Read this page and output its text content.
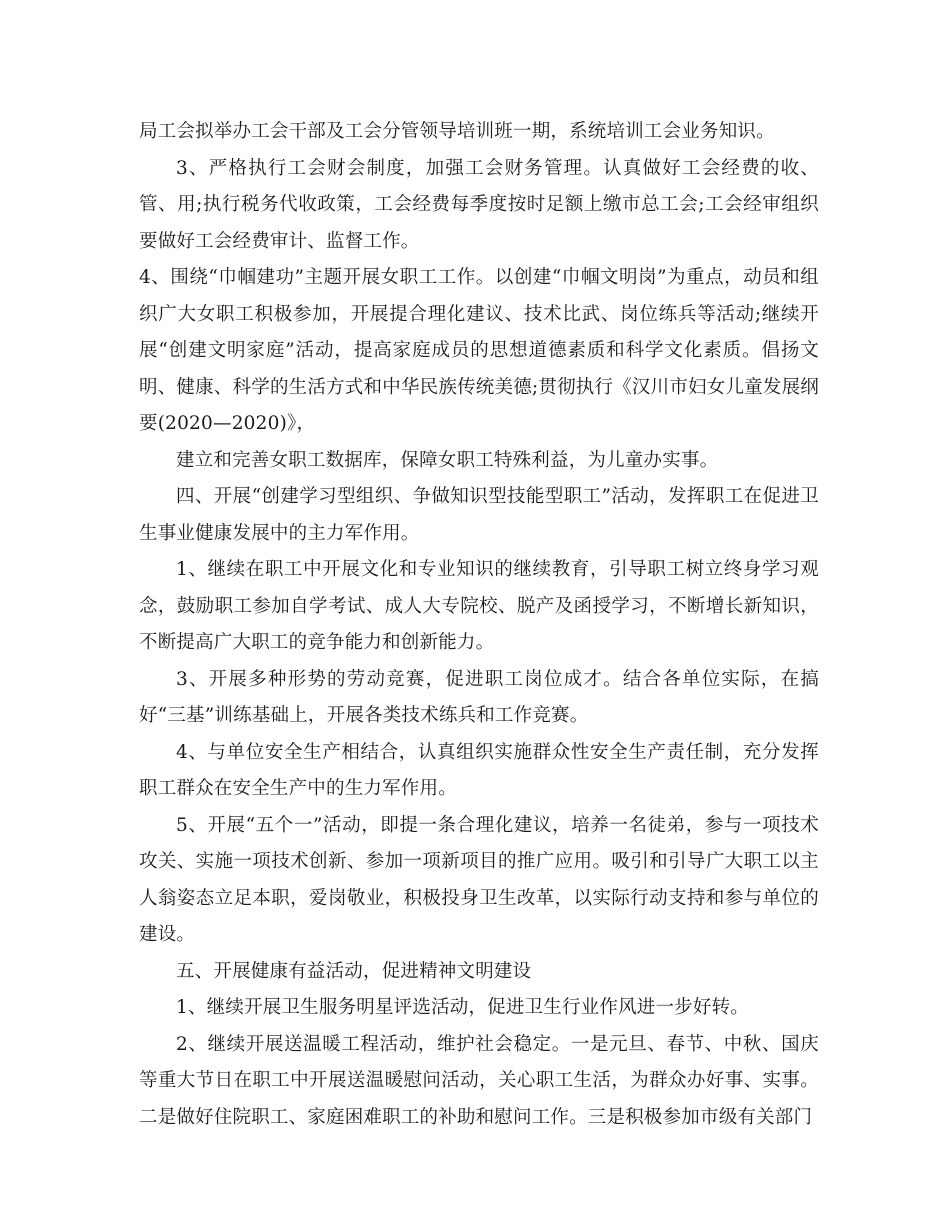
局工会拟举办工会干部及工会分管领导培训班一期，系统培训工会业务知识。

3、严格执行工会财会制度，加强工会财务管理。认真做好工会经费的收、管、用;执行税务代收政策，工会经费每季度按时足额上缴市总工会;工会经审组织要做好工会经费审计、监督工作。

4、围绕“巾帼建功”主题开展女职工工作。以创建“巾帼文明岗”为重点，动员和组织广大女职工积极参加，开展提合理化建议、技术比武、岗位练兵等活动;继续开展“创建文明家庭”活动，提高家庭成员的思想道德素质和科学文化素质。倡扬文明、健康、科学的生活方式和中华民族传统美德;贯彻执行《汉川市妇女儿童发展纲要(2020—2020)》，

建立和完善女职工数据库，保障女职工特殊利益，为儿童办实事。

四、开展“创建学习型组织、争做知识型技能型职工”活动，发挥职工在促进卫生事业健康发展中的主力军作用。

1、继续在职工中开展文化和专业知识的继续教育，引导职工树立终身学习观念，鼓励职工参加自学考试、成人大专院校、脱产及函授学习，不断增长新知识，不断提高广大职工的竞争能力和创新能力。

3、开展多种形势的劳动竞赛，促进职工岗位成才。结合各单位实际，在搞好“三基”训练基础上，开展各类技术练兵和工作竞赛。

4、与单位安全生产相结合，认真组织实施群众性安全生产责任制，充分发挥职工群众在安全生产中的生力军作用。

5、开展“五个一”活动，即提一条合理化建议，培养一名徒弟，参与一项技术攻关、实施一项技术创新、参加一项新项目的推广应用。吸引和引导广大职工以主人翁姿态立足本职，爱岗敬业，积极投身卫生改革，以实际行动支持和参与单位的建设。

五、开展健康有益活动，促进精神文明建设

1、继续开展卫生服务明星评选活动，促进卫生行业作风进一步好转。

2、继续开展送温暖工程活动，维护社会稳定。一是元旦、春节、中秋、国庆等重大节日在职工中开展送温暖慰问活动，关心职工生活，为群众办好事、实事。二是做好住院职工、家庭困难职工的补助和慰问工作。三是积极参加市级有关部门
